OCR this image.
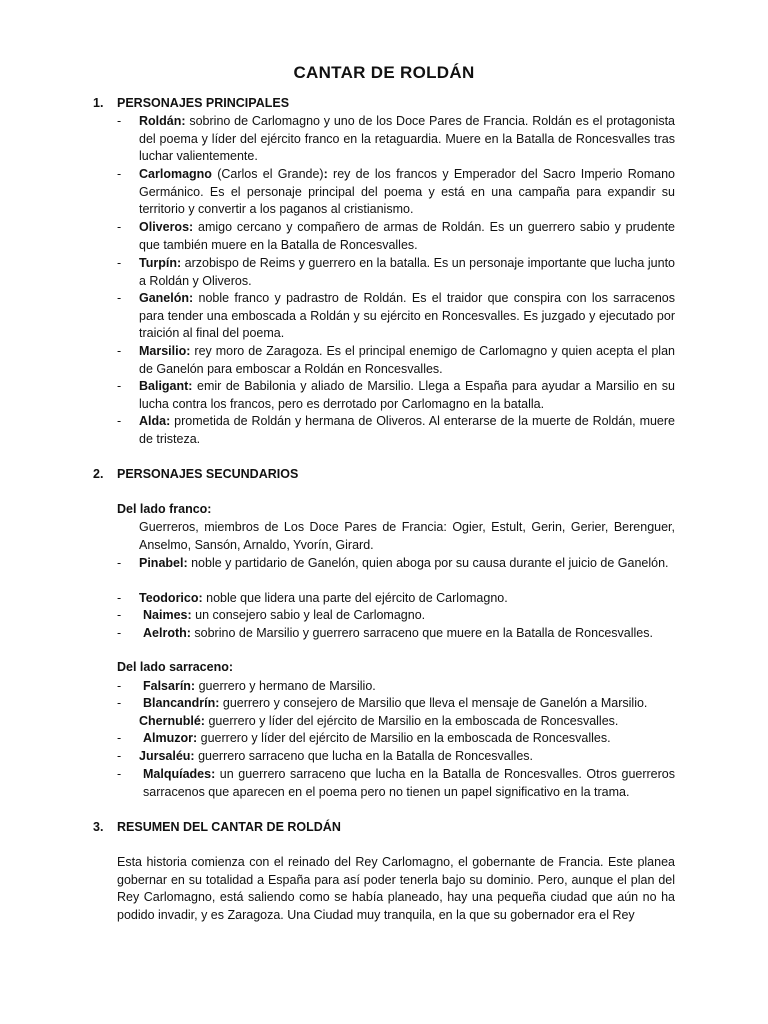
CANTAR DE ROLDÁN
1. PERSONAJES PRINCIPALES
- Roldán: sobrino de Carlomagno y uno de los Doce Pares de Francia. Roldán es el protagonista del poema y líder del ejército franco en la retaguardia. Muere en la Batalla de Roncesvalles tras luchar valientemente.
- Carlomagno (Carlos el Grande): rey de los francos y Emperador del Sacro Imperio Romano Germánico. Es el personaje principal del poema y está en una campaña para expandir su territorio y convertir a los paganos al cristianismo.
- Oliveros: amigo cercano y compañero de armas de Roldán. Es un guerrero sabio y prudente que también muere en la Batalla de Roncesvalles.
- Turpín: arzobispo de Reims y guerrero en la batalla. Es un personaje importante que lucha junto a Roldán y Oliveros.
- Ganelón: noble franco y padrastro de Roldán. Es el traidor que conspira con los sarracenos para tender una emboscada a Roldán y su ejército en Roncesvalles. Es juzgado y ejecutado por traición al final del poema.
- Marsilio: rey moro de Zaragoza. Es el principal enemigo de Carlomagno y quien acepta el plan de Ganelón para emboscar a Roldán en Roncesvalles.
- Baligant: emir de Babilonia y aliado de Marsilio. Llega a España para ayudar a Marsilio en su lucha contra los francos, pero es derrotado por Carlomagno en la batalla.
- Alda: prometida de Roldán y hermana de Oliveros. Al enterarse de la muerte de Roldán, muere de tristeza.
2. PERSONAJES SECUNDARIOS
Del lado franco:
Guerreros, miembros de Los Doce Pares de Francia: Ogier, Estult, Gerin, Gerier, Berenguer, Anselmo, Sansón, Arnaldo, Yvorín, Girard.
- Pinabel: noble y partidario de Ganelón, quien aboga por su causa durante el juicio de Ganelón.
- Teodorico: noble que lidera una parte del ejército de Carlomagno.
- Naimes: un consejero sabio y leal de Carlomagno.
- Aelroth: sobrino de Marsilio y guerrero sarraceno que muere en la Batalla de Roncesvalles.
Del lado sarraceno:
- Falsarín: guerrero y hermano de Marsilio.
- Blancandrín: guerrero y consejero de Marsilio que lleva el mensaje de Ganelón a Marsilio.
Chernublé: guerrero y líder del ejército de Marsilio en la emboscada de Roncesvalles.
- Almuzor: guerrero y líder del ejército de Marsilio en la emboscada de Roncesvalles.
- Jursaléu: guerrero sarraceno que lucha en la Batalla de Roncesvalles.
- Malquíades: un guerrero sarraceno que lucha en la Batalla de Roncesvalles. Otros guerreros sarracenos que aparecen en el poema pero no tienen un papel significativo en la trama.
3. RESUMEN DEL CANTAR DE ROLDÁN
Esta historia comienza con el reinado del Rey Carlomagno, el gobernante de Francia. Este planea gobernar en su totalidad a España para así poder tenerla bajo su dominio. Pero, aunque el plan del Rey Carlomagno, está saliendo como se había planeado, hay una pequeña ciudad que aún no ha podido invadir, y es Zaragoza. Una Ciudad muy tranquila, en la que su gobernador era el Rey
